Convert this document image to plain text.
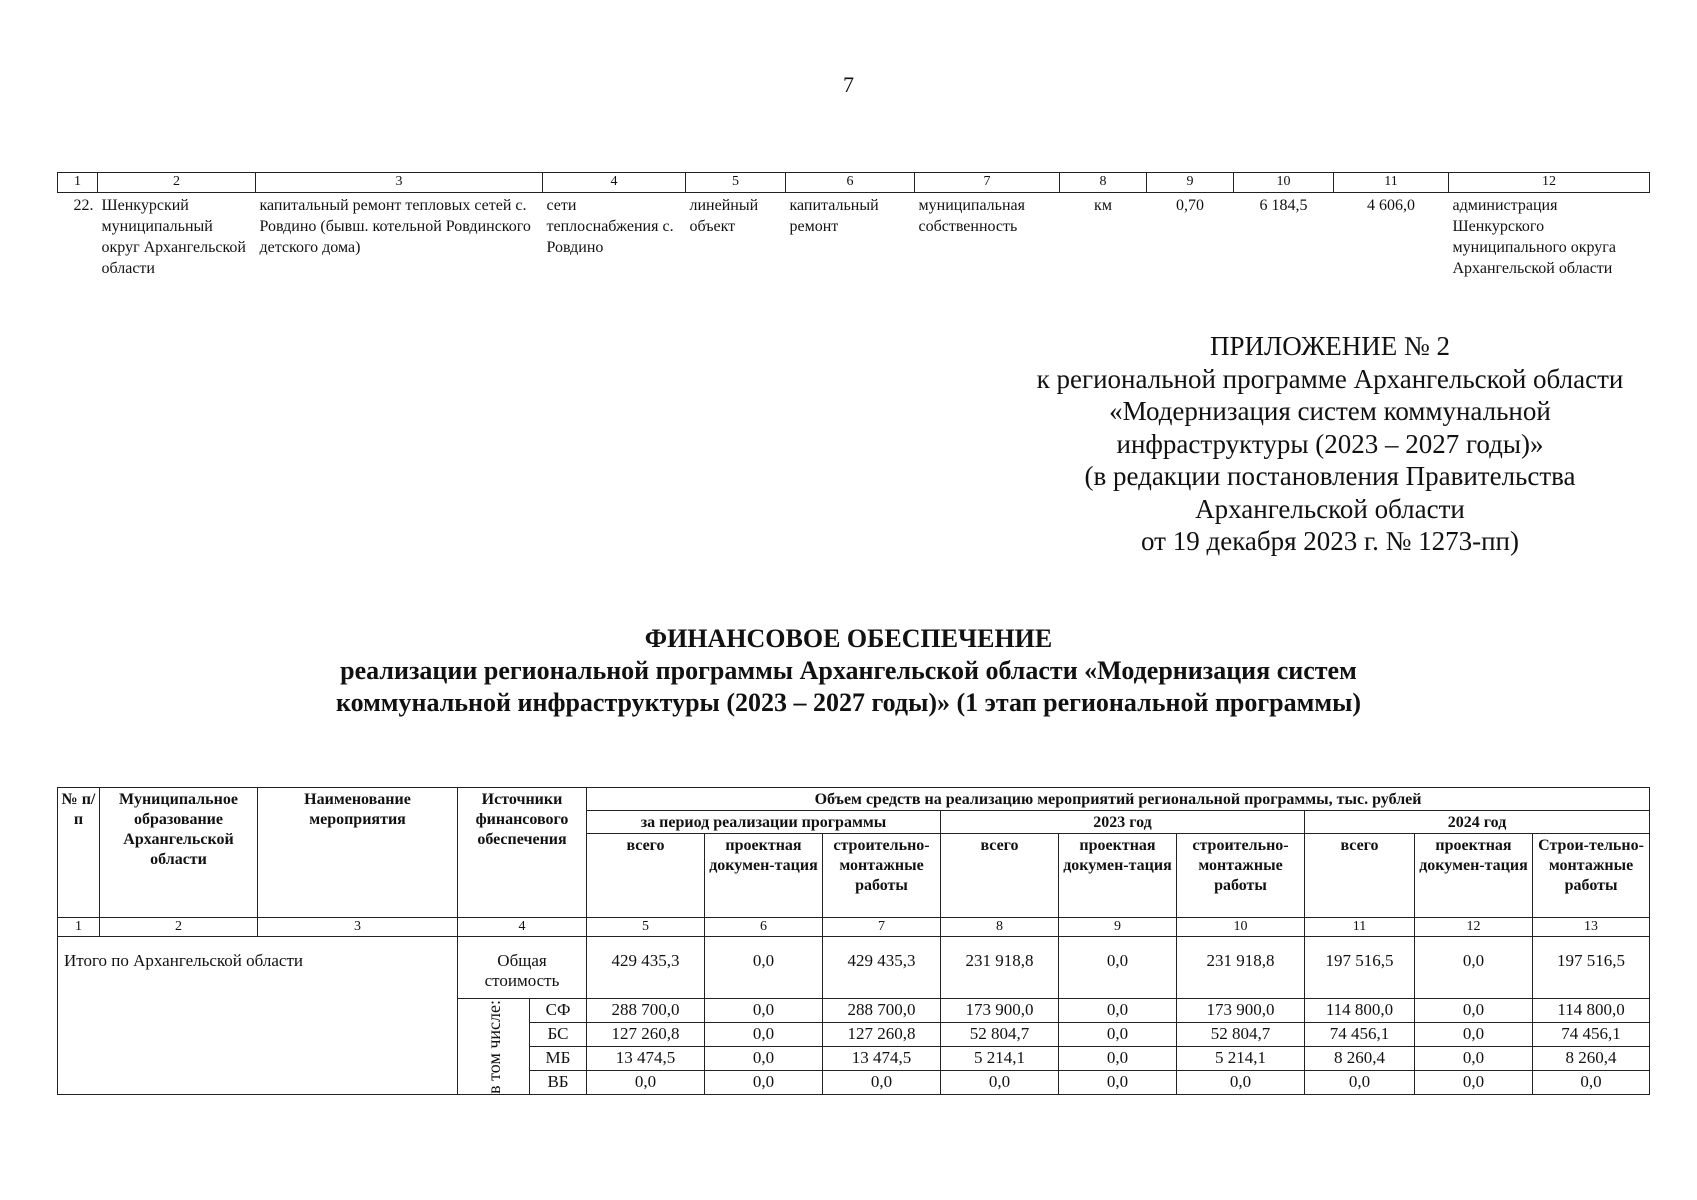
7
1	2	3	4	5	6	7	8	9	10	11	12
22.	Шенкурский муниципальный округ Архангельской области	капитальный ремонт тепловых сетей с. Ровдино (бывш. котельной Ровдинского детского дома)	сети теплоснабжения с. Ровдино	линейный объект	капитальный ремонт	муниципальная собственность	км	0,70	6 184,5	4 606,0	администрация Шенкурского муниципального округа Архангельской области
ПРИЛОЖЕНИЕ № 2
к региональной программе Архангельской области
«Модернизация систем коммунальной
инфраструктуры (2023 – 2027 годы)»
(в редакции постановления Правительства
Архангельской области
от 19 декабря 2023 г. № 1273-пп)
ФИНАНСОВОЕ ОБЕСПЕЧЕНИЕ
реализации региональной программы Архангельской области «Модернизация систем
коммунальной инфраструктуры (2023 – 2027 годы)» (1 этап региональной программы)
№ п/п	Муниципальное образование Архангельской области	Наименование мероприятия	Источники финансового обеспечения		Объем средств на реализацию мероприятий региональной программы, тыс. рублей								
					за период реализации программы			2023 год			2024 год		
					всего	проектная докумен-тация	строительно-монтажные работы	всего	проектная докумен-тация	строительно-монтажные работы	всего	проектная докумен-тация	Строи-тельно-монтажные работы
1	2	3	4		5	6	7	8	9	10	11	12	13
Итого по Архангельской области			Общая стоимость		429 435,3	0,0	429 435,3	231 918,8	0,0	231 918,8	197 516,5	0,0	197 516,5

			в том числе:	СФ	288 700,0	0,0	288 700,0	173 900,0	0,0	173 900,0	114 800,0	0,0	114 800,0
				БС	127 260,8	0,0	127 260,8	52 804,7	0,0	52 804,7	74 456,1	0,0	74 456,1
				МБ	13 474,5	0,0	13 474,5	5 214,1	0,0	5 214,1	8 260,4	0,0	8 260,4
				ВБ	0,0	0,0	0,0	0,0	0,0	0,0	0,0	0,0	0,0
